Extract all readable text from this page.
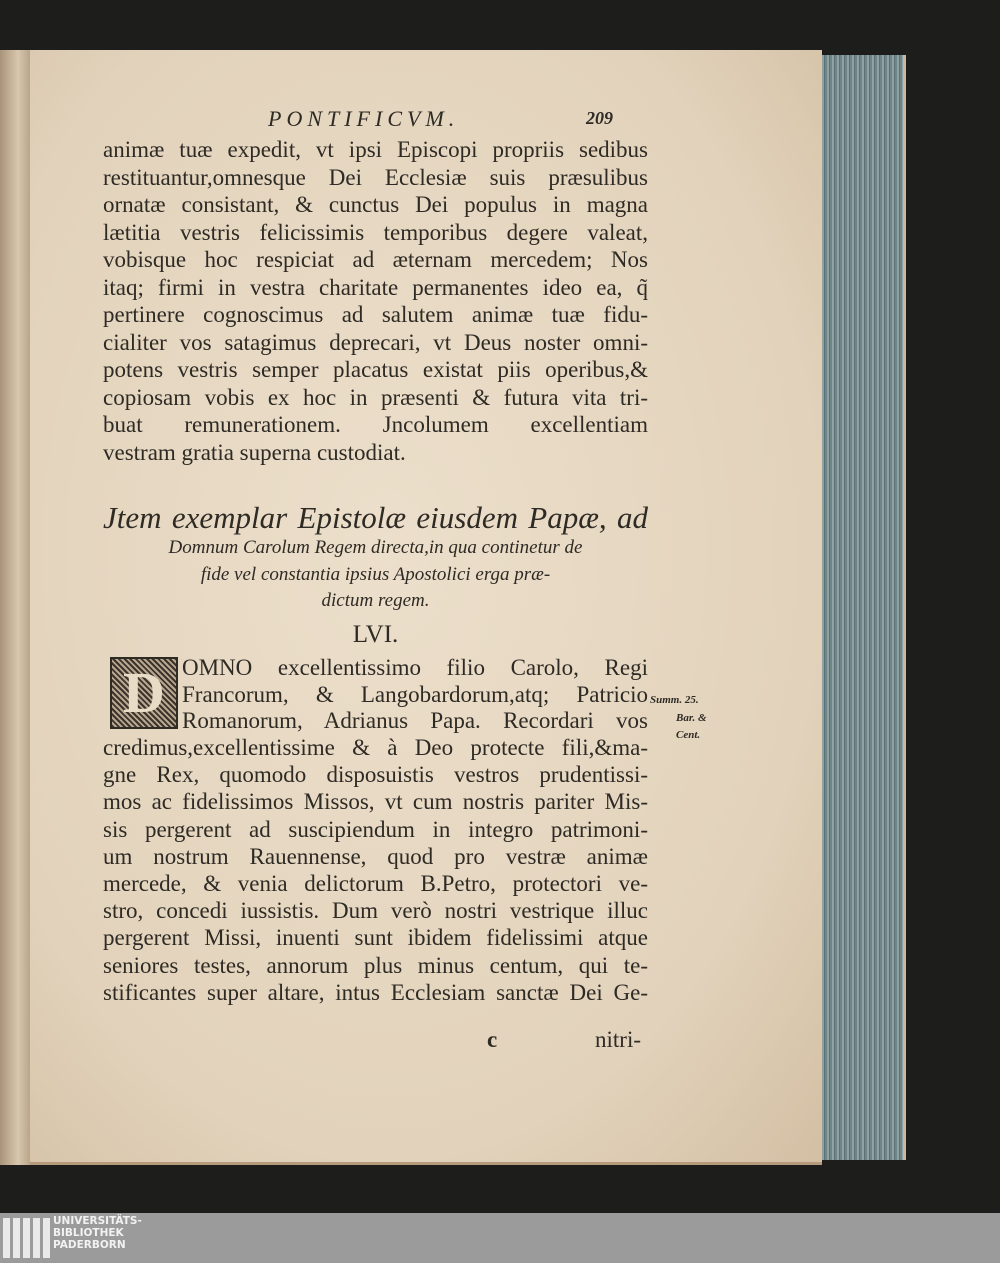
PONTIFICVM.	209
animæ tuæ expedit, vt ipsi Episcopi propriis sedibus
restituantur,omnesque Dei Ecclesiæ suis præsulibus
ornatæ consistant, & cunctus Dei populus in magna
lætitia vestris felicissimis temporibus degere valeat,
vobisque hoc respiciat ad æternam mercedem; Nos
itaq; firmi in vestra charitate permanentes ideo ea, q̃
pertinere cognoscimus ad salutem animæ tuæ fidu-
cialiter vos satagimus deprecari, vt Deus noster omni-
potens vestris semper placatus existat piis operibus,&
copiosam vobis ex hoc in præsenti & futura vita tri-
buat remunerationem. Jncolumem excellentiam
vestram gratia superna custodiat.
Jtem exemplar Epistolæ eiusdem Papæ, ad
Domnum Carolum Regem directa,in qua continetur de
fide vel constantia ipsius Apostolici erga præ-
dictum regem.
LVI.
D OMNO excellentissimo filio Carolo, Regi
Francorum, & Langobardorum,atq; Patricio
Romanorum, Adrianus Papa. Recordari vos
credimus,excellentissime & à Deo protecte fili,&ma-
gne Rex, quomodo disposuistis vestros prudentissi-
mos ac fidelissimos Missos, vt cum nostris pariter Mis-
sis pergerent ad suscipiendum in integro patrimoni-
um nostrum Rauennense, quod pro vestræ animæ
mercede, & venia delictorum B.Petro, protectori ve-
stro, concedi iussistis. Dum verò nostri vestrique illuc
pergerent Missi, inuenti sunt ibidem fidelissimi atque
seniores testes, annorum plus minus centum, qui te-
stificantes super altare, intus Ecclesiam sanctæ Dei Ge-
Summ. 25.
Bar. &
Cent.
c	nitri-
UNIVERSITÄTS-
BIBLIOTHEK
PADERBORN
